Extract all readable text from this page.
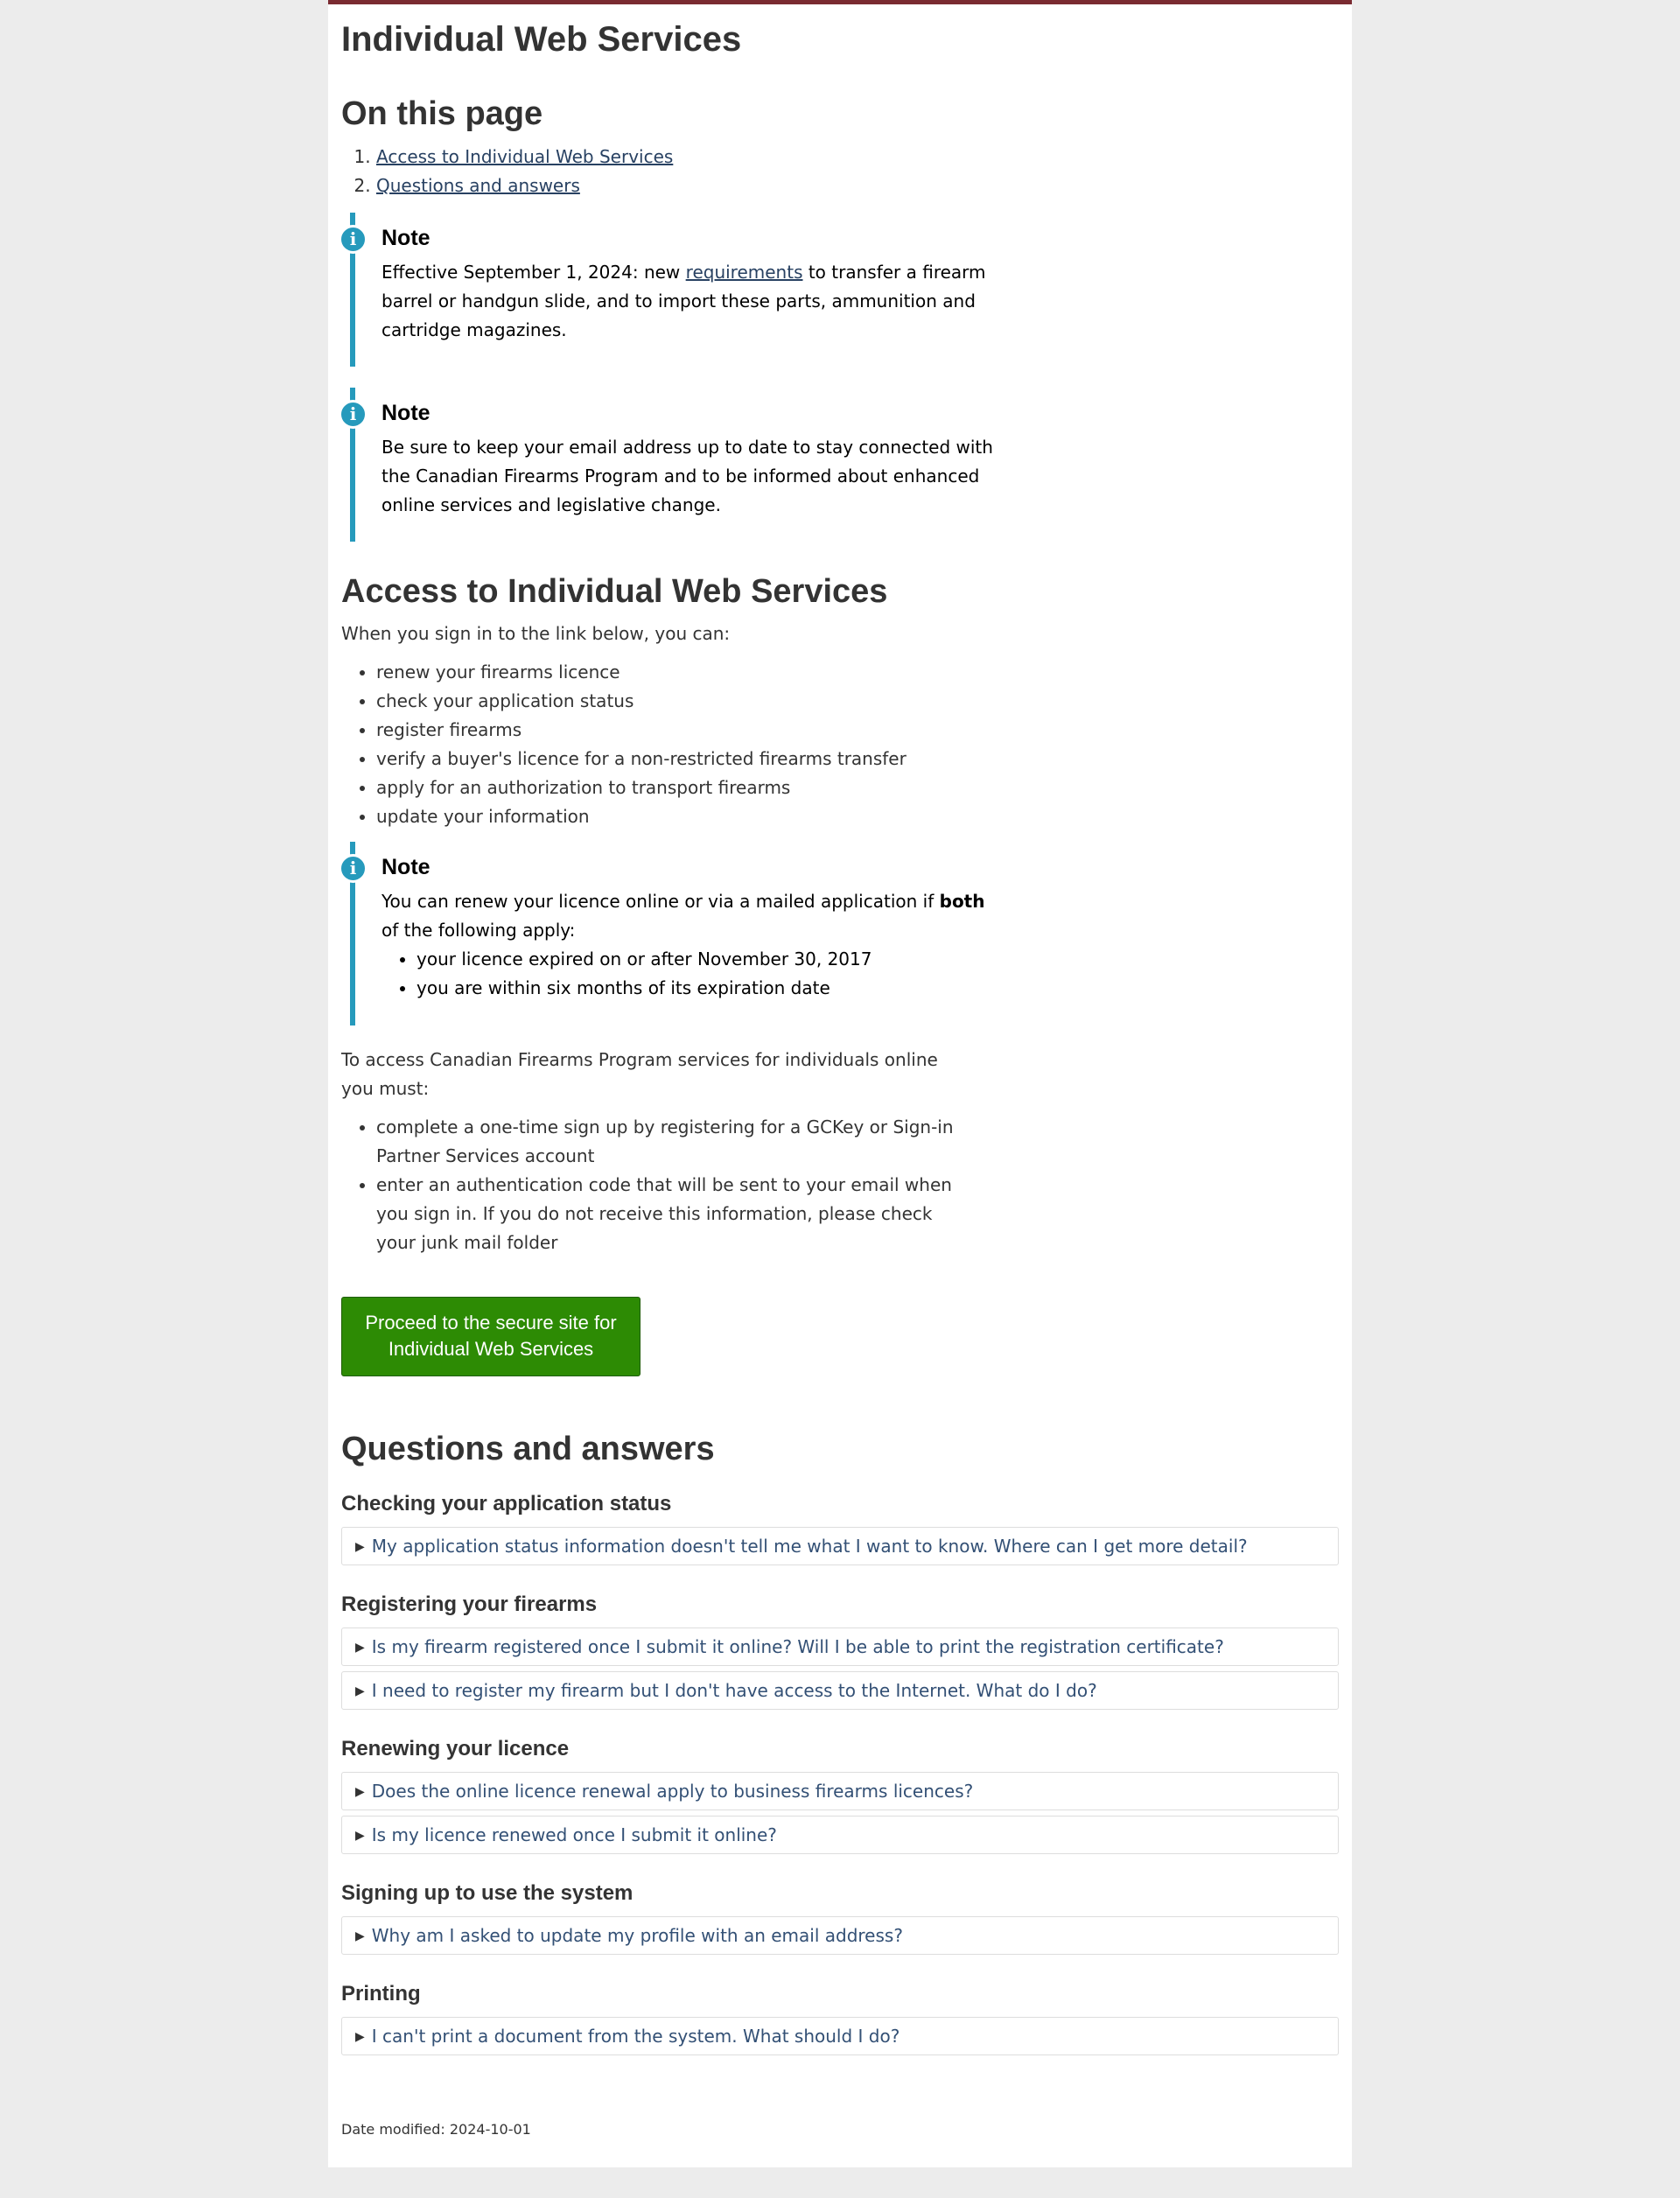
Individual Web Services
On this page
1. Access to Individual Web Services
2. Questions and answers
i	Note
Effective September 1, 2024: new requirements to transfer a firearm barrel or handgun slide, and to import these parts, ammunition and cartridge magazines.
i	Note
Be sure to keep your email address up to date to stay connected with the Canadian Firearms Program and to be informed about enhanced online services and legislative change.
Access to Individual Web Services
When you sign in to the link below, you can:
• renew your firearms licence
• check your application status
• register firearms
• verify a buyer's licence for a non-restricted firearms transfer
• apply for an authorization to transport firearms
• update your information
i	Note
You can renew your licence online or via a mailed application if both of the following apply:
• your licence expired on or after November 30, 2017
• you are within six months of its expiration date
To access Canadian Firearms Program services for individuals online you must:
• complete a one-time sign up by registering for a GCKey or Sign-in Partner Services account
• enter an authentication code that will be sent to your email when you sign in. If you do not receive this information, please check your junk mail folder
Proceed to the secure site for
Individual Web Services
Questions and answers
Checking your application status
▶ My application status information doesn't tell me what I want to know. Where can I get more detail?
Registering your firearms
▶ Is my firearm registered once I submit it online? Will I be able to print the registration certificate?
▶ I need to register my firearm but I don't have access to the Internet. What do I do?
Renewing your licence
▶ Does the online licence renewal apply to business firearms licences?
▶ Is my licence renewed once I submit it online?
Signing up to use the system
▶ Why am I asked to update my profile with an email address?
Printing
▶ I can't print a document from the system. What should I do?
Date modified: 2024-10-01
